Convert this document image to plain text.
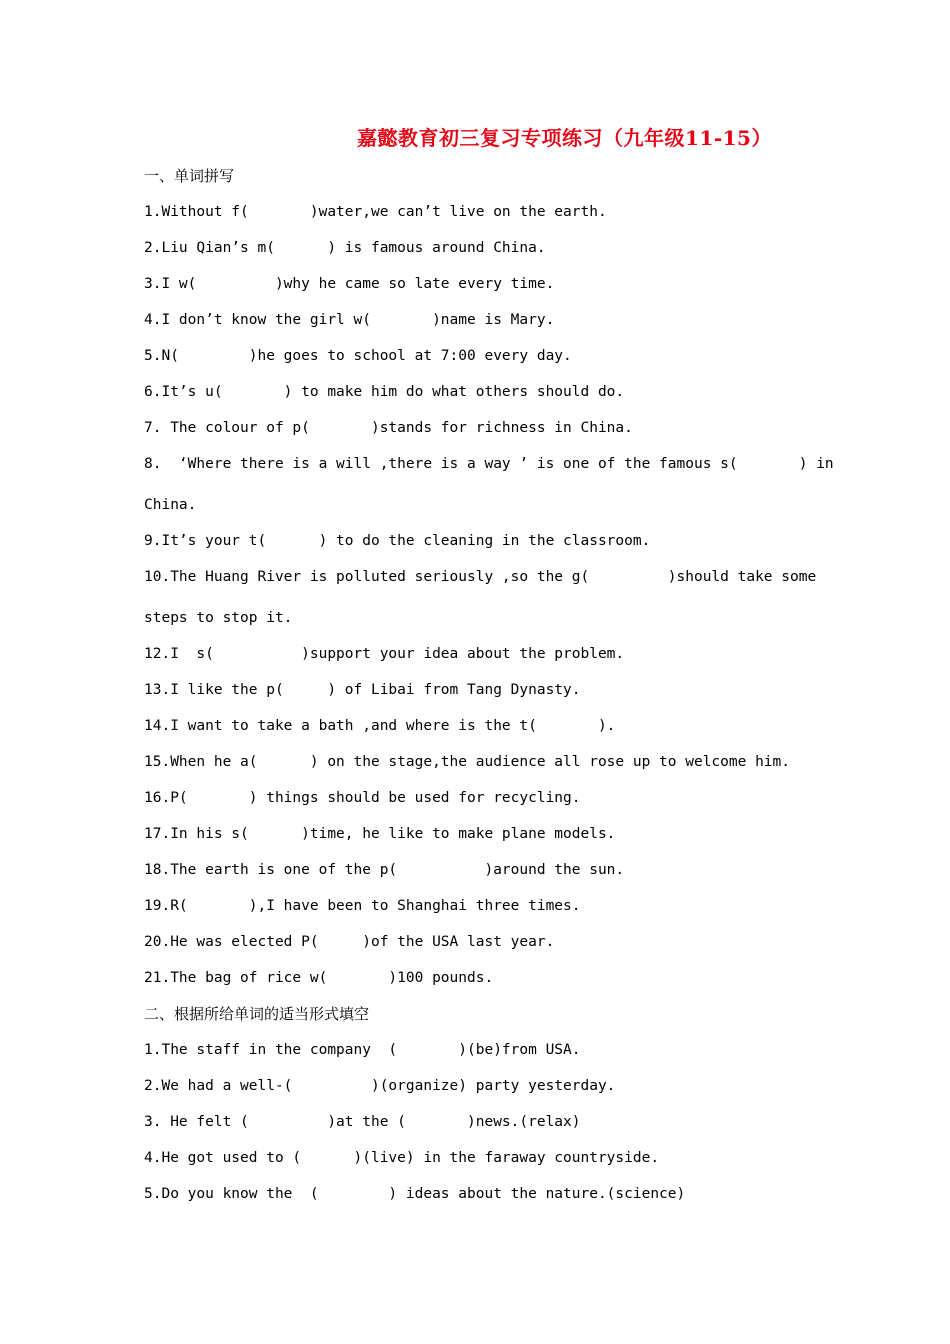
嘉懿教育初三复习专项练习（九年级11-15）
一、单词拼写
1.Without f(       )water,we can’t live on the earth.
2.Liu Qian’s m(      ) is famous around China.
3.I w(         )why he came so late every time.
4.I don’t know the girl w(       )name is Mary.
5.N(        )he goes to school at 7:00 every day.
6.It’s u(       ) to make him do what others should do.
7. The colour of p(       )stands for richness in China.
8.  ‘Where there is a will ,there is a way ’ is one of the famous s(       ) in
China.
9.It’s your t(      ) to do the cleaning in the classroom.
10.The Huang River is polluted seriously ,so the g(         )should take some
steps to stop it.
12.I  s(          )support your idea about the problem.
13.I like the p(     ) of Libai from Tang Dynasty.
14.I want to take a bath ,and where is the t(       ).
15.When he a(      ) on the stage,the audience all rose up to welcome him.
16.P(       ) things should be used for recycling.
17.In his s(      )time, he like to make plane models.
18.The earth is one of the p(          )around the sun.
19.R(       ),I have been to Shanghai three times.
20.He was elected P(     )of the USA last year.
21.The bag of rice w(       )100 pounds.
二、根据所给单词的适当形式填空
1.The staff in the company  (       )(be)from USA.
2.We had a well-(         )(organize) party yesterday.
3. He felt (         )at the (       )news.(relax)
4.He got used to (      )(live) in the faraway countryside.
5.Do you know the  (        ) ideas about the nature.(science)
